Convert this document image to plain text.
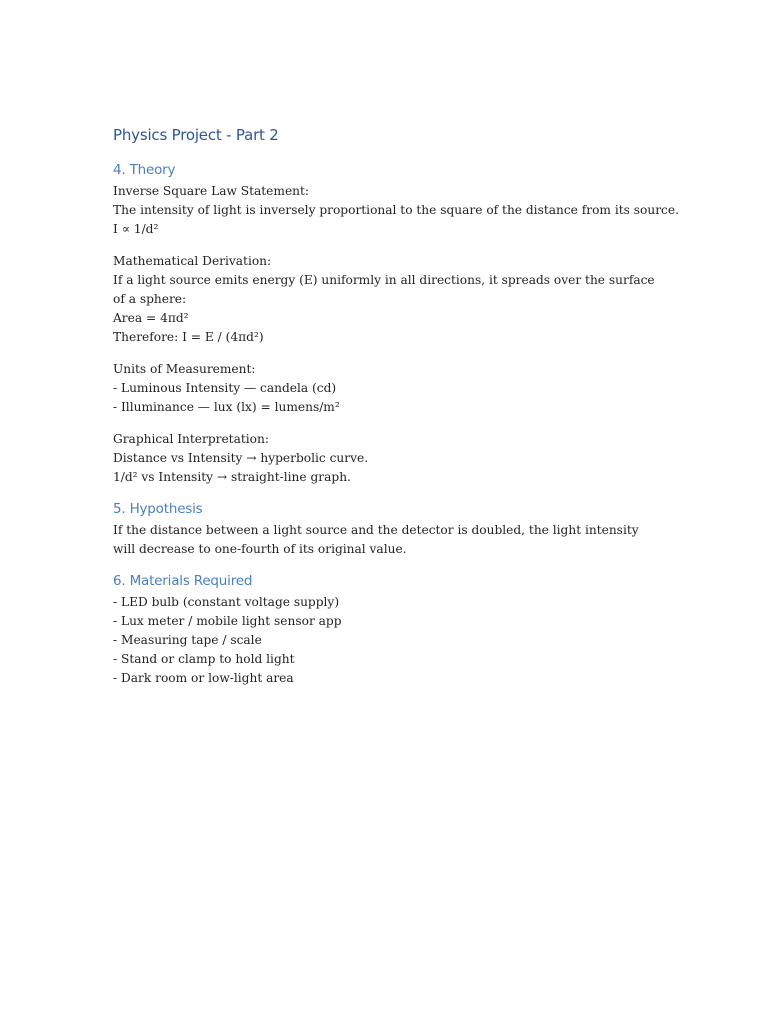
Physics Project - Part 2
4. Theory
Inverse Square Law Statement:
The intensity of light is inversely proportional to the square of the distance from its source.
I ∝ 1/d²
Mathematical Derivation:
If a light source emits energy (E) uniformly in all directions, it spreads over the surface of a sphere:
Area = 4πd²
Therefore: I = E / (4πd²)
Units of Measurement:
- Luminous Intensity — candela (cd)
- Illuminance — lux (lx) = lumens/m²
Graphical Interpretation:
Distance vs Intensity → hyperbolic curve.
1/d² vs Intensity → straight-line graph.
5. Hypothesis
If the distance between a light source and the detector is doubled, the light intensity will decrease to one-fourth of its original value.
6. Materials Required
- LED bulb (constant voltage supply)
- Lux meter / mobile light sensor app
- Measuring tape / scale
- Stand or clamp to hold light
- Dark room or low-light area
